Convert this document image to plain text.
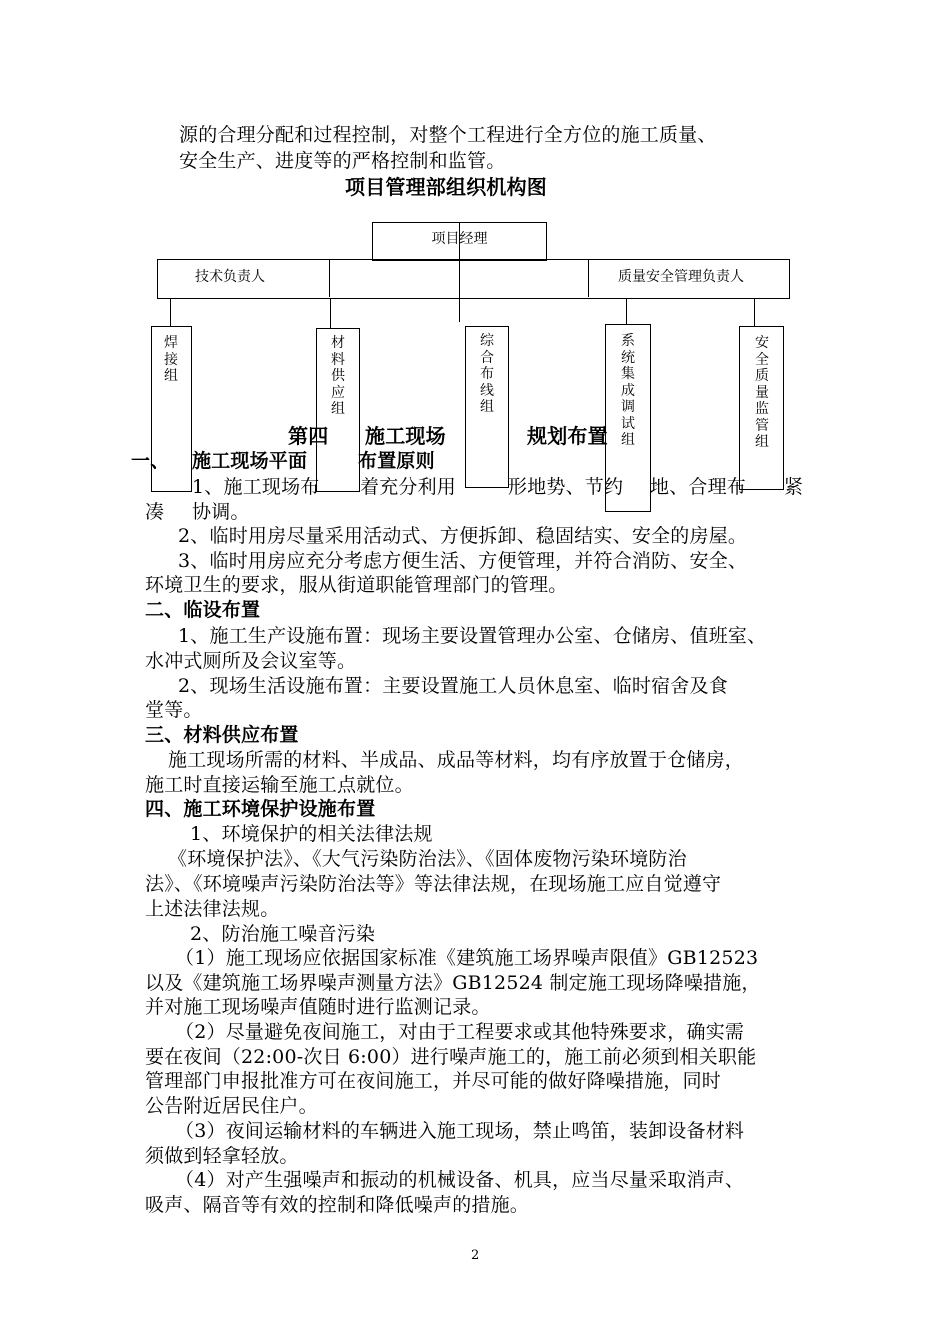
源的合理分配和过程控制，对整个工程进行全方位的施工质量、
安全生产、进度等的严格控制和监管。
项目管理部组织机构图
项目经理
技术负责人	质量安全管理负责人
焊接组
材料供应组
综合布线组
系统集成调试组
安全质量监管组
第四 施工现场	规划布置
一、 施工现场平面	布置原则
1、施工现场布 着充分利用	形地势、节约 地、合理布 紧
凑 协调。
2、临时用房尽量采用活动式、方便拆卸、稳固结实、安全的房屋。
3、临时用房应充分考虑方便生活、方便管理，并符合消防、安全、
环境卫生的要求，服从街道职能管理部门的管理。
二、临设布置
1、施工生产设施布置：现场主要设置管理办公室、仓储房、值班室、
水冲式厕所及会议室等。
2、现场生活设施布置：主要设置施工人员休息室、临时宿舍及食
堂等。
三、材料供应布置
施工现场所需的材料、半成品、成品等材料，均有序放置于仓储房，
施工时直接运输至施工点就位。
四、施工环境保护设施布置
1、环境保护的相关法律法规
《环境保护法》、《大气污染防治法》、《固体废物污染环境防治
法》、《环境噪声污染防治法等》等法律法规，在现场施工应自觉遵守
上述法律法规。
2、防治施工噪音污染
（1）施工现场应依据国家标准《建筑施工场界噪声限值》GB12523
以及《建筑施工场界噪声测量方法》GB12524 制定施工现场降噪措施，
并对施工现场噪声值随时进行监测记录。
（2）尽量避免夜间施工，对由于工程要求或其他特殊要求，确实需
要在夜间（22:00-次日 6:00）进行噪声施工的，施工前必须到相关职能
管理部门申报批准方可在夜间施工，并尽可能的做好降噪措施，同时
公告附近居民住户。
（3）夜间运输材料的车辆进入施工现场，禁止鸣笛，装卸设备材料
须做到轻拿轻放。
（4）对产生强噪声和振动的机械设备、机具，应当尽量采取消声、
吸声、隔音等有效的控制和降低噪声的措施。
2
